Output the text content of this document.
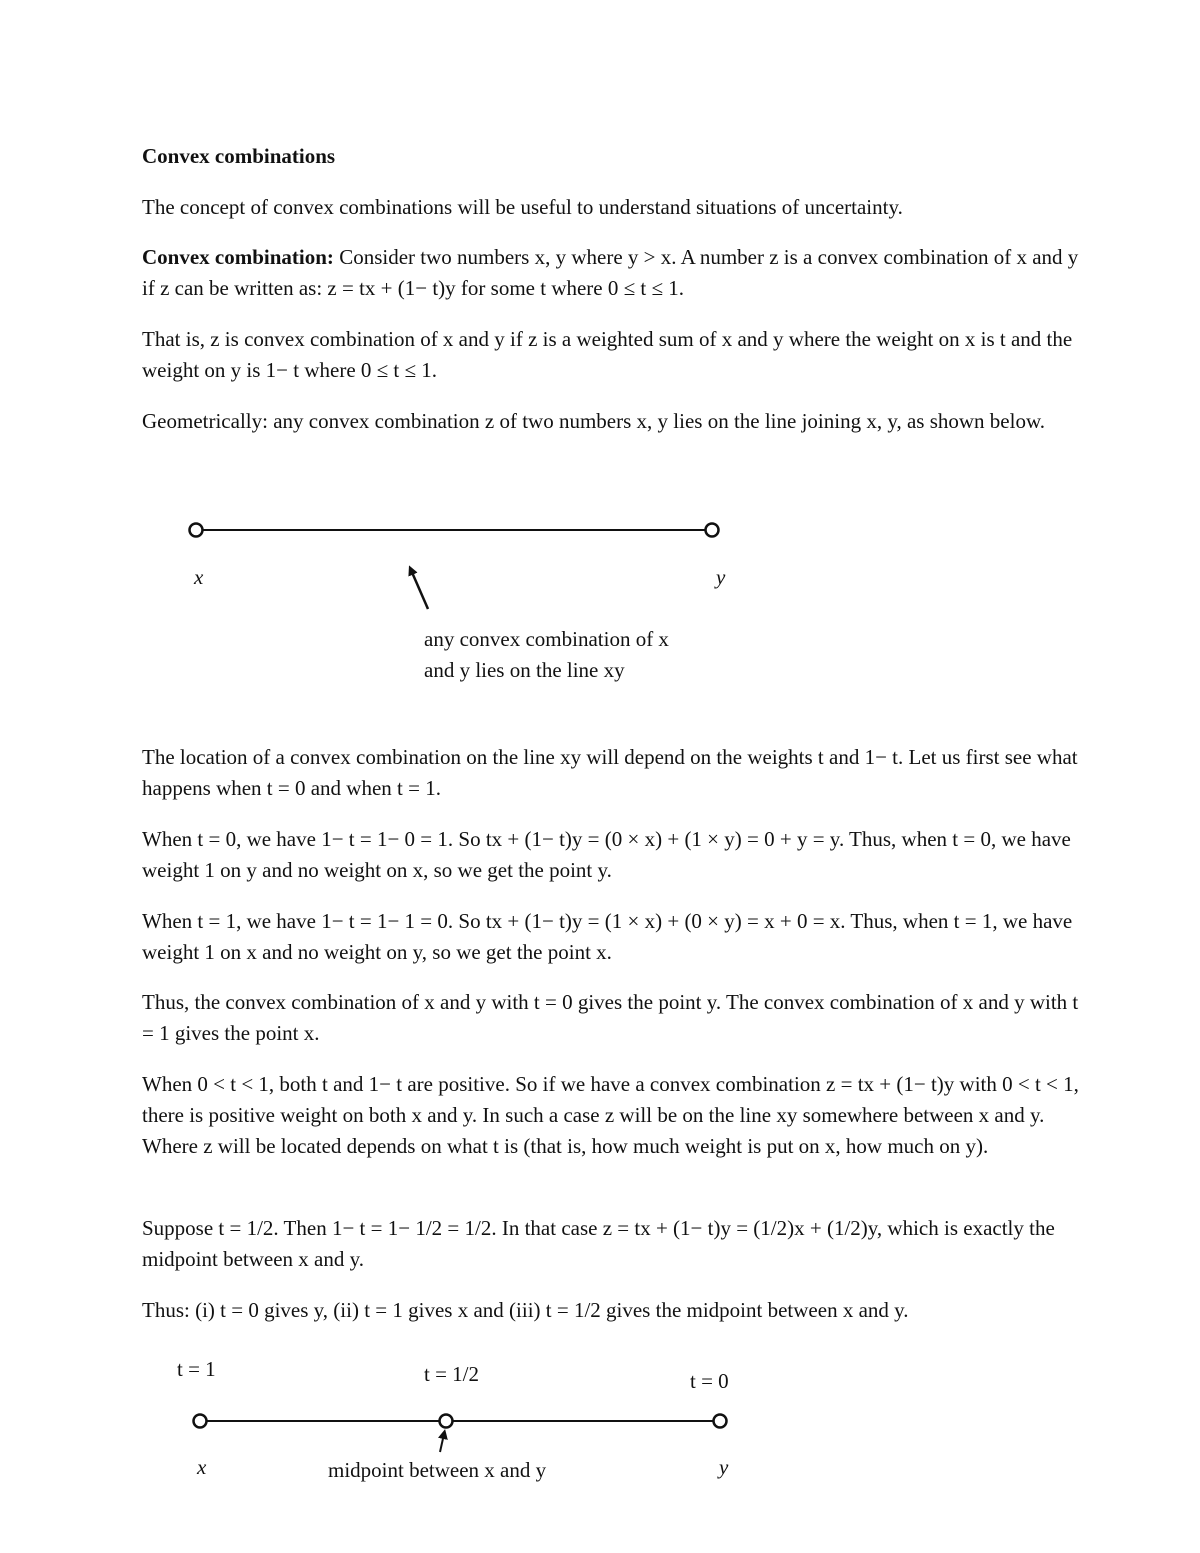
Convex combinations

The concept of convex combinations will be useful to understand situations of uncertainty.

Convex combination: Consider two numbers x, y where y > x. A number z is a convex combination of x and y if z can be written as: z = tx + (1− t)y for some t where 0 ≤ t ≤ 1.

That is, z is convex combination of x and y if z is a weighted sum of x and y where the weight on x is t and the weight on y is 1− t where 0 ≤ t ≤ 1.

Geometrically: any convex combination z of two numbers x, y lies on the line joining x, y, as shown below.

x	y
any convex combination of x
and y lies on the line xy

The location of a convex combination on the line xy will depend on the weights t and 1− t. Let us first see what happens when t = 0 and when t = 1.

When t = 0, we have 1− t = 1− 0 = 1. So tx + (1− t)y = (0 × x) + (1 × y) = 0 + y = y. Thus, when t = 0, we have weight 1 on y and no weight on x, so we get the point y.

When t = 1, we have 1− t = 1− 1 = 0. So tx + (1− t)y = (1 × x) + (0 × y) = x + 0 = x. Thus, when t = 1, we have weight 1 on x and no weight on y, so we get the point x.

Thus, the convex combination of x and y with t = 0 gives the point y. The convex combination of x and y with t = 1 gives the point x.

When 0 < t < 1, both t and 1− t are positive. So if we have a convex combination z = tx + (1− t)y with 0 < t < 1, there is positive weight on both x and y. In such a case z will be on the line xy somewhere between x and y. Where z will be located depends on what t is (that is, how much weight is put on x, how much on y).

Suppose t = 1/2. Then 1− t = 1− 1/2 = 1/2. In that case z = tx + (1− t)y = (1/2)x + (1/2)y, which is exactly the midpoint between x and y.

Thus: (i) t = 0 gives y, (ii) t = 1 gives x and (iii) t = 1/2 gives the midpoint between x and y.

t = 1	t = 1/2	t = 0
x	y
midpoint between x and y
